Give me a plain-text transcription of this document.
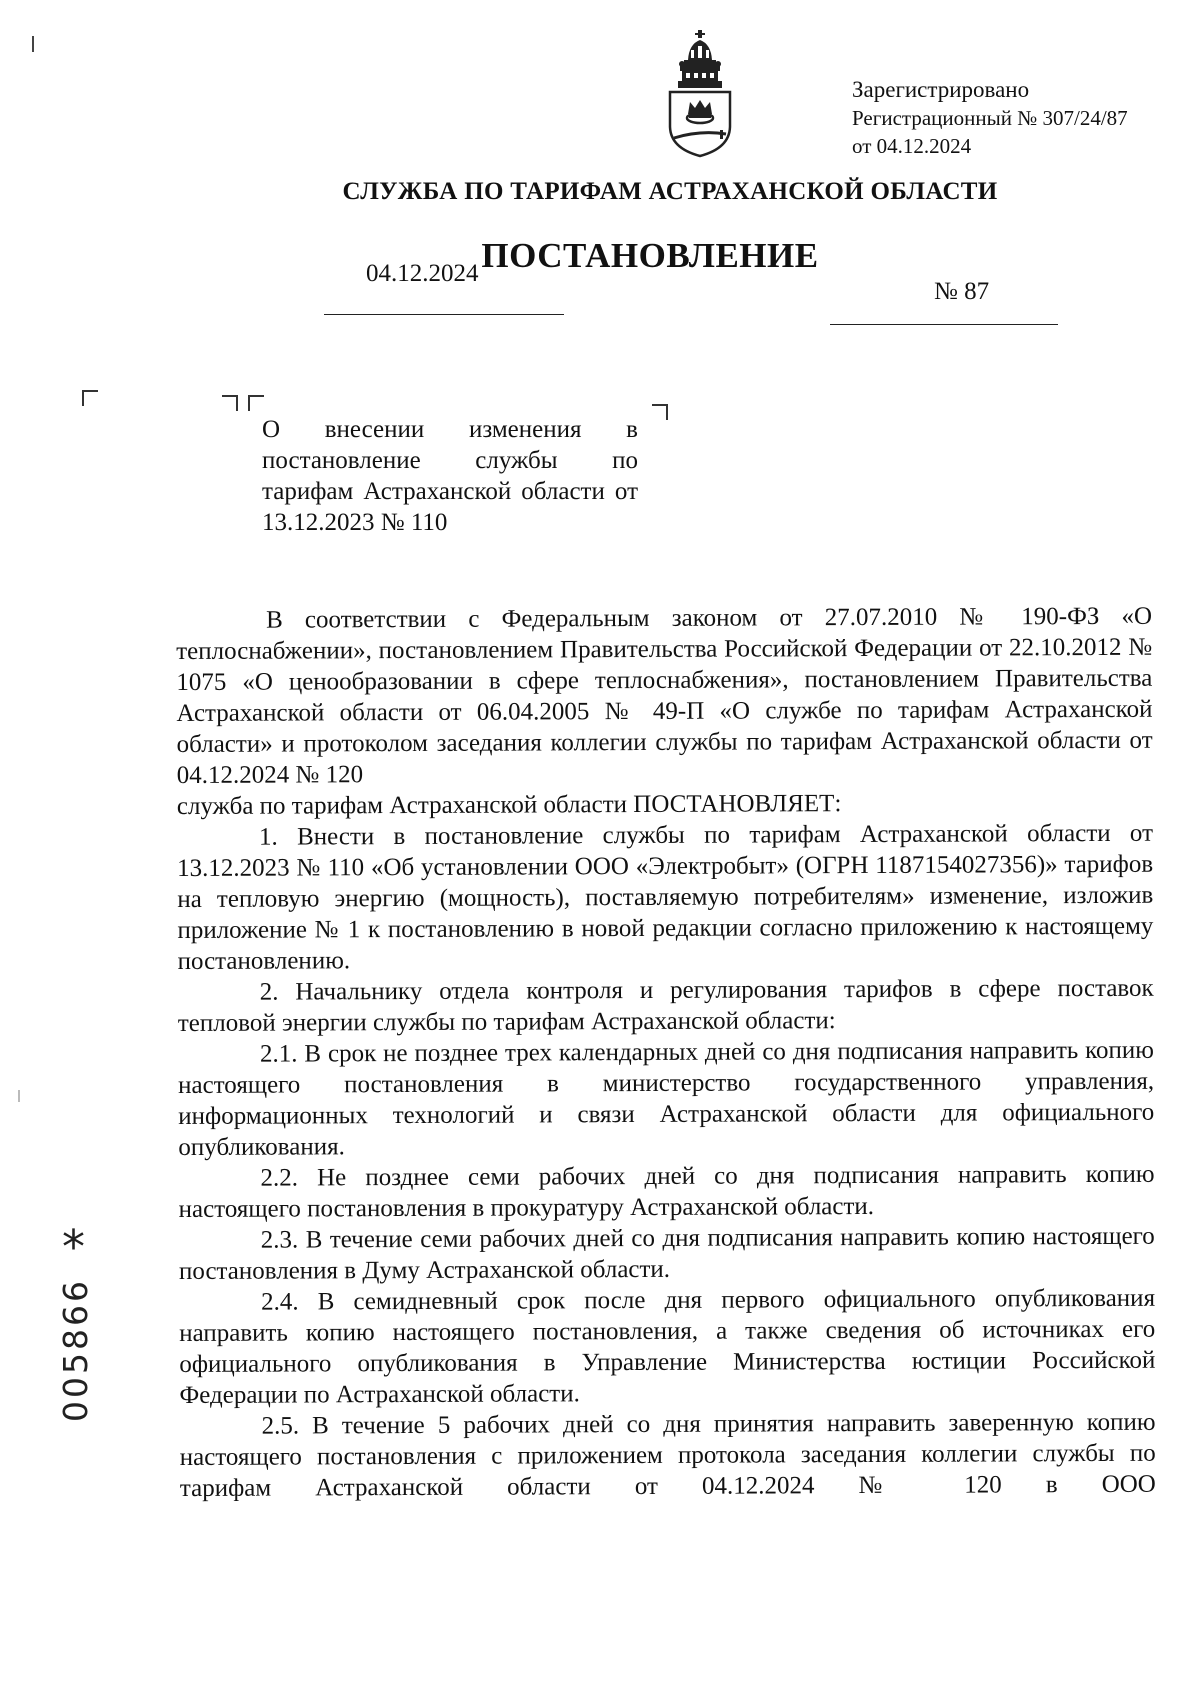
Зарегистрировано
Регистрационный № 307/24/87
от 04.12.2024
СЛУЖБА ПО ТАРИФАМ АСТРАХАНСКОЙ ОБЛАСТИ
ПОСТАНОВЛЕНИЕ
04.12.2024
№ 87
О внесении изменения в постановление службы по тарифам Астраханской области от 13.12.2023 № 110

В соответствии с Федеральным законом от 27.07.2010 № 190-ФЗ «О теплоснабжении», постановлением Правительства Российской Федерации от 22.10.2012 № 1075 «О ценообразовании в сфере теплоснабжения», постановлением Правительства Астраханской области от 06.04.2005 № 49-П «О службе по тарифам Астраханской области» и протоколом заседания коллегии службы по тарифам Астраханской области от 04.12.2024 № 120

служба по тарифам Астраханской области ПОСТАНОВЛЯЕТ:

1. Внести в постановление службы по тарифам Астраханской области от 13.12.2023 № 110 «Об установлении ООО «Электробыт» (ОГРН 1187154027356)» тарифов на тепловую энергию (мощность), поставляемую потребителям» изменение, изложив приложение № 1 к постановлению в новой редакции согласно приложению к настоящему постановлению.

2. Начальнику отдела контроля и регулирования тарифов в сфере поставок тепловой энергии службы по тарифам Астраханской области:

2.1. В срок не позднее трех календарных дней со дня подписания направить копию настоящего постановления в министерство государственного управления, информационных технологий и связи Астраханской области для официального опубликования.

2.2. Не позднее семи рабочих дней со дня подписания направить копию настоящего постановления в прокуратуру Астраханской области.

2.3. В течение семи рабочих дней со дня подписания направить копию настоящего постановления в Думу Астраханской области.

2.4. В семидневный срок после дня первого официального опубликования направить копию настоящего постановления, а также сведения об источниках его официального опубликования в Управление Министерства юстиции Российской Федерации по Астраханской области.

2.5. В течение 5 рабочих дней со дня принятия направить заверенную копию настоящего постановления с приложением протокола заседания коллегии службы по тарифам Астраханской области от 04.12.2024 № 120 в ООО

005866
*
